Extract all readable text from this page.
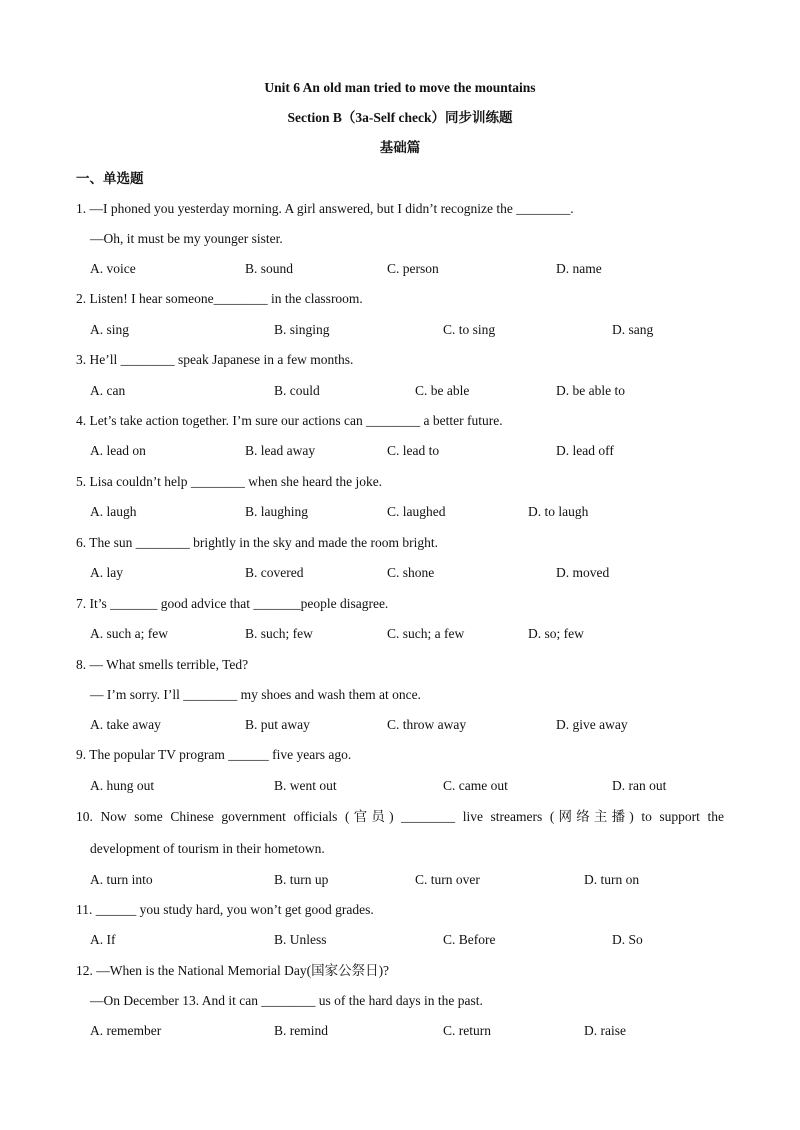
Unit 6 An old man tried to move the mountains
Section B（3a-Self check）同步训练题
基础篇
一、单选题
1. —I phoned you yesterday morning. A girl answered, but I didn’t recognize the ________.
—Oh, it must be my younger sister.
A. voice	B. sound	C. person	D. name
2. Listen! I hear someone________ in the classroom.
A. sing	B. singing	C. to sing	D. sang
3. He’ll ________ speak Japanese in a few months.
A. can	B. could	C. be able	D. be able to
4. Let’s take action together. I’m sure our actions can ________ a better future.
A. lead on	B. lead away	C. lead to	D. lead off
5. Lisa couldn’t help ________ when she heard the joke.
A. laugh	B. laughing	C. laughed	D. to laugh
6. The sun ________ brightly in the sky and made the room bright.
A. lay	B. covered	C. shone	D. moved
7. It’s _______ good advice that _______people disagree.
A. such a; few	B. such; few	C. such; a few	D. so; few
8. — What smells terrible, Ted?
— I’m sorry. I’ll ________ my shoes and wash them at once.
A. take away	B. put away	C. throw away	D. give away
9. The popular TV program ______ five years ago.
A. hung out	B. went out	C. came out	D. ran out
10. Now some Chinese government officials (官员) ________ live streamers (网络主播) to support the
development of tourism in their hometown.
A. turn into	B. turn up	C. turn over	D. turn on
11. ______ you study hard, you won’t get good grades.
A. If	B. Unless	C. Before	D. So
12. —When is the National Memorial Day(国家公祭日)?
—On December 13. And it can ________ us of the hard days in the past.
A. remember	B. remind	C. return	D. raise
